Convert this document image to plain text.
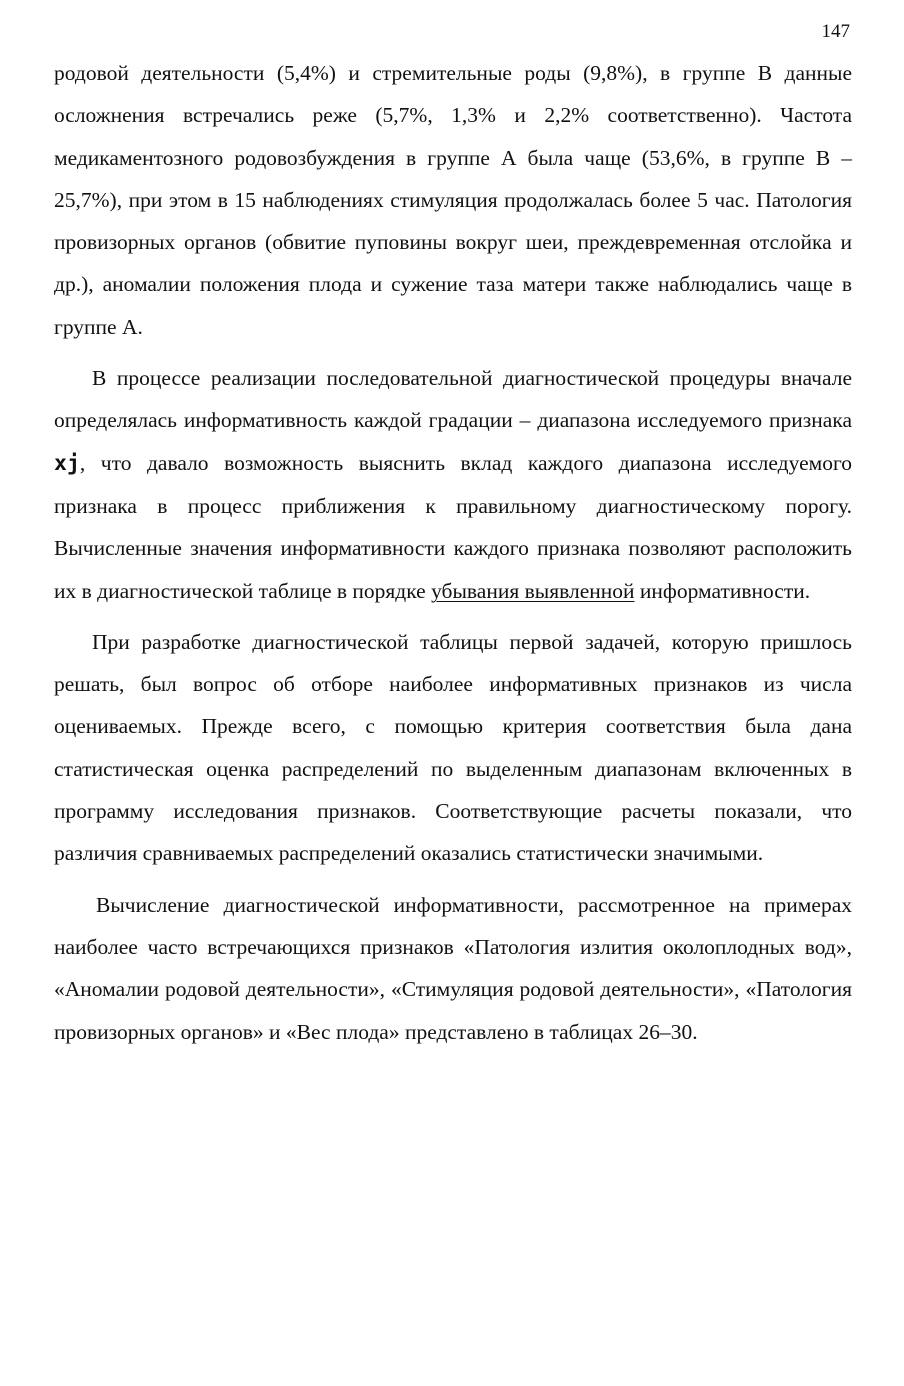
147

родовой деятельности (5,4%) и стремительные роды (9,8%), в группе В данные осложнения встречались реже (5,7%, 1,3% и 2,2% соответственно). Частота медикаментозного родовозбуждения в группе А была чаще (53,6%, в группе В – 25,7%), при этом в 15 наблюдениях стимуляция продолжалась более 5 час. Патология провизорных органов (обвитие пуповины вокруг шеи, преждевременная отслойка и др.), аномалии положения плода и сужение таза матери также наблюдались чаще в группе А.

В процессе реализации последовательной диагностической процедуры вначале определялась информативность каждой градации – диапазона исследуемого признака xj, что давало возможность выяснить вклад каждого диапазона исследуемого признака в процесс приближения к правильному диагностическому порогу. Вычисленные значения информативности каждого признака позволяют расположить их в диагностической таблице в порядке убывания выявленной информативности.

При разработке диагностической таблицы первой задачей, которую пришлось решать, был вопрос об отборе наиболее информативных признаков из числа оцениваемых. Прежде всего, с помощью критерия соответствия была дана статистическая оценка распределений по выделенным диапазонам включенных в программу исследования признаков. Соответствующие расчеты показали, что различия сравниваемых распределений оказались статистически значимыми.

Вычисление диагностической информативности, рассмотренное на примерах наиболее часто встречающихся признаков «Патология излития околоплодных вод», «Аномалии родовой деятельности», «Стимуляция родовой деятельности», «Патология провизорных органов» и «Вес плода» представлено в таблицах 26–30.
